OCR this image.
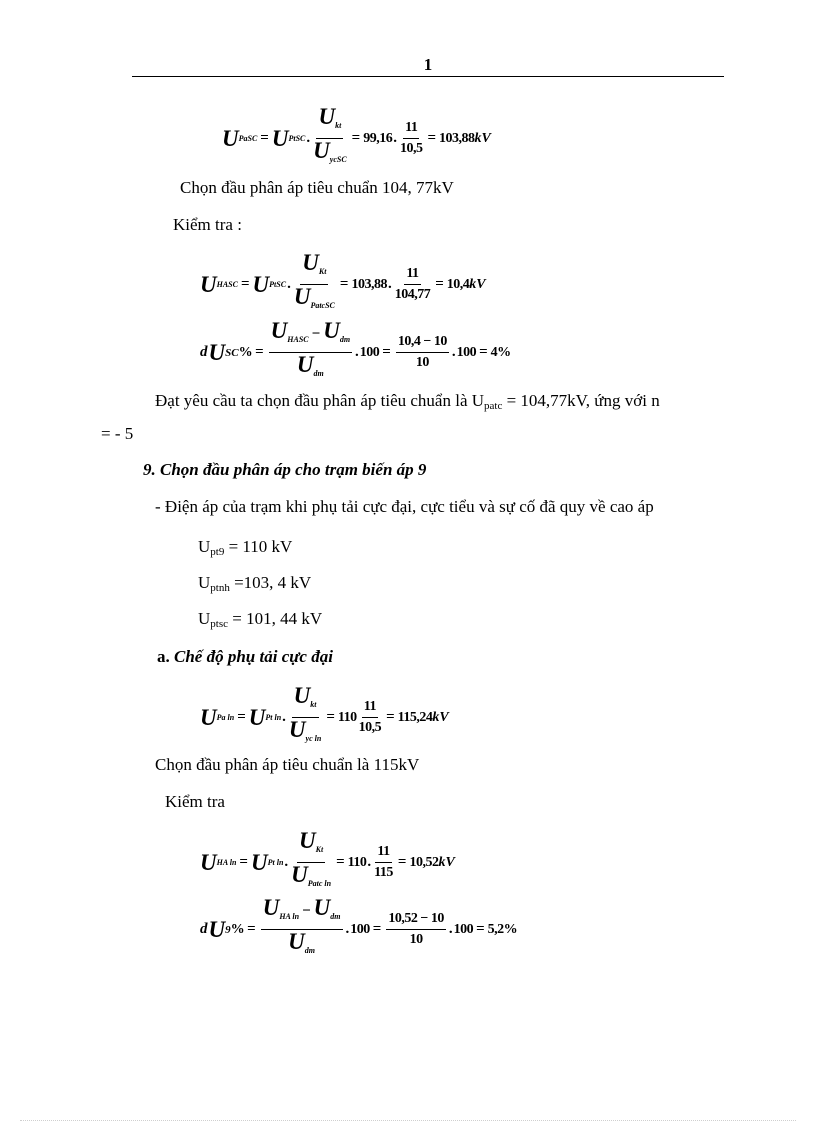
1
U PaSC = U PtSC . $\frac{U_{kt}}{U_{ycSC}} = 99,16$ . $\frac{11}{10,5} = 103,88$ kV
Chọn đầu phân áp tiêu chuẩn 104, 77kV
Kiểm tra :
U HASC = U PtSC . $\frac{U_{Kt}}{U_{PatcSC}} = 103,88$ . $\frac{11}{104,77} = 10,4$ kV
d U SC % = $\frac{U_{HASC} - U_{dm}}{U_{dm}}$ . $100 = \frac{10,4 - 10}{10}$ . 100 = 4%
Đạt yêu cầu ta chọn đầu phân áp tiêu chuẩn là $U_{patc} = 104,77kV$, ứng với n
= - 5
9. Chọn đầu phân áp cho trạm biến áp 9
- Điện áp của trạm khi phụ tải cực đại, cực tiểu và sự cố đã quy về cao áp
$U_{pt9} = 110$ kV
$U_{ptnh} =103$, 4 kV
$U_{ptsc} = 101$, 44 kV
a. Chế độ phụ tải cực đại
U Pa ln = U Pt ln . $\frac{U_{kt}}{U_{yc ln}} = 110 \frac{11}{10,5} = 115,24$ kV
Chọn đầu phân áp tiêu chuẩn là 115kV
Kiểm tra
U HA ln = U Pt ln . $\frac{U_{Kt}}{U_{Patc ln}} = 110$ . $\frac{11}{115} = 10,52$ kV
d U 9 % = $\frac{U_{HA ln} - U_{dm}}{U_{dm}}$ . $100 = \frac{10,52 - 10}{10}$ . 100 = 5,2%
